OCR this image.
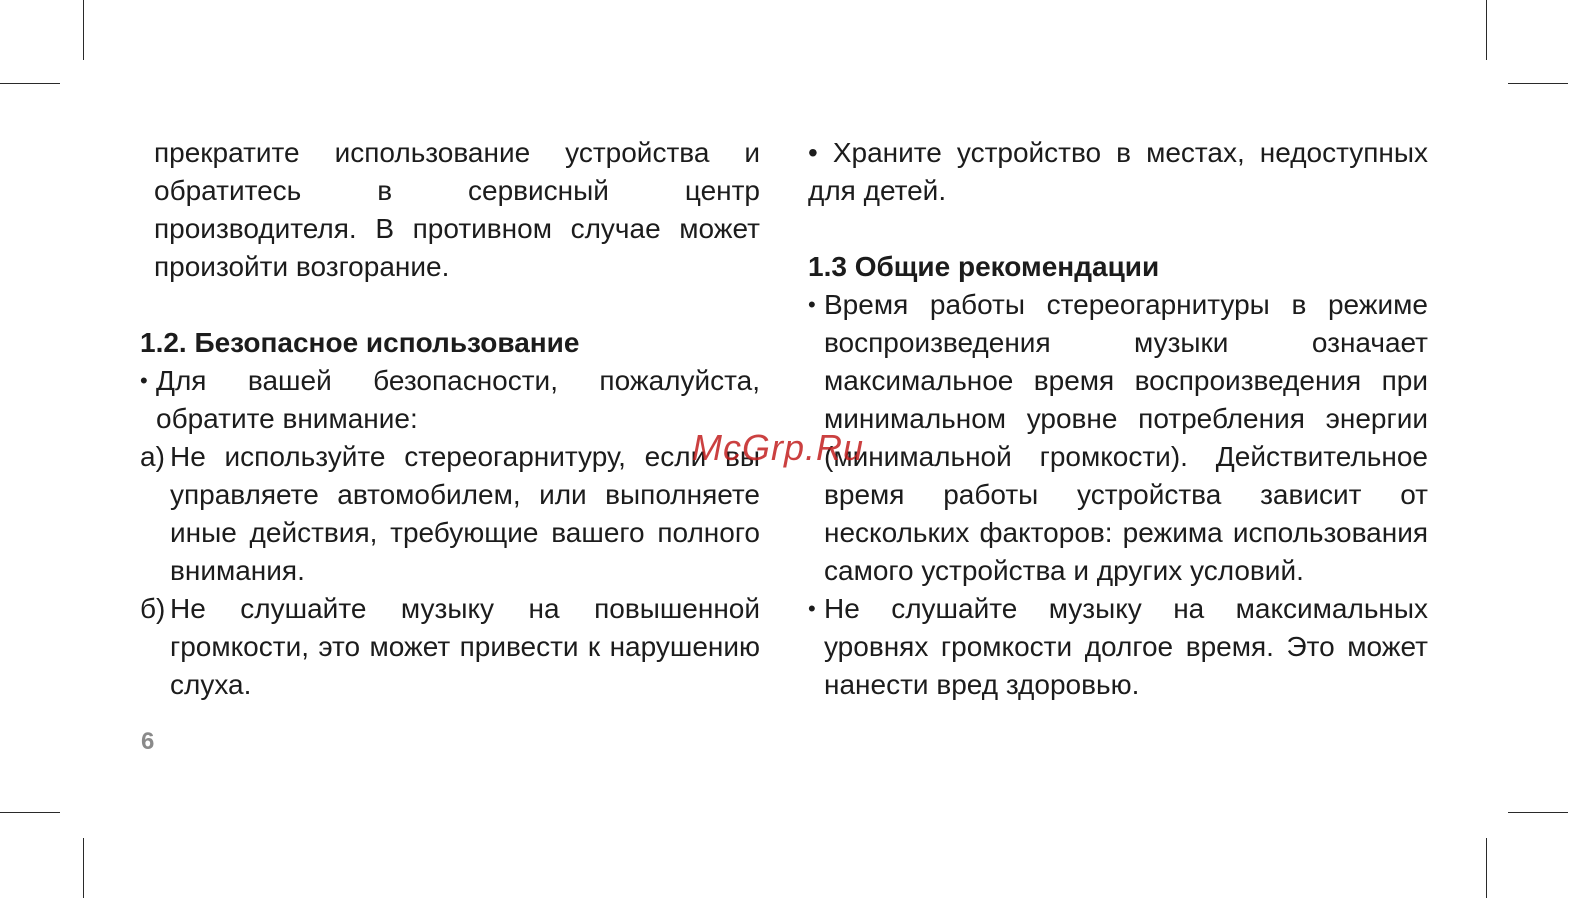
прекратите использование устройства и обратитесь в сервисный центр производителя. В противном случае может произойти возгорание.

1.2. Безопасное использование

• Для вашей безопасности, пожалуйста, обратите внимание:

а) Не используйте стереогарнитуру, если вы управляете автомобилем, или выполняете иные действия, требующие вашего полного внимания.

б) Не слушайте музыку на повышенной громкости, это может привести к нарушению слуха.

• Храните устройство в местах, недоступных для детей.

1.3 Общие рекомендации

• Время работы стереогарнитуры в режиме воспроизведения музыки означает максимальное время воспроизведения при минимальном уровне потребления энергии (минимальной громкости). Действительное время работы устройства зависит от нескольких факторов: режима использования самого устройства и других условий.

• Не слушайте музыку на максимальных уровнях громкости долгое время. Это может нанести вред здоровью.

6
McGrp.Ru
